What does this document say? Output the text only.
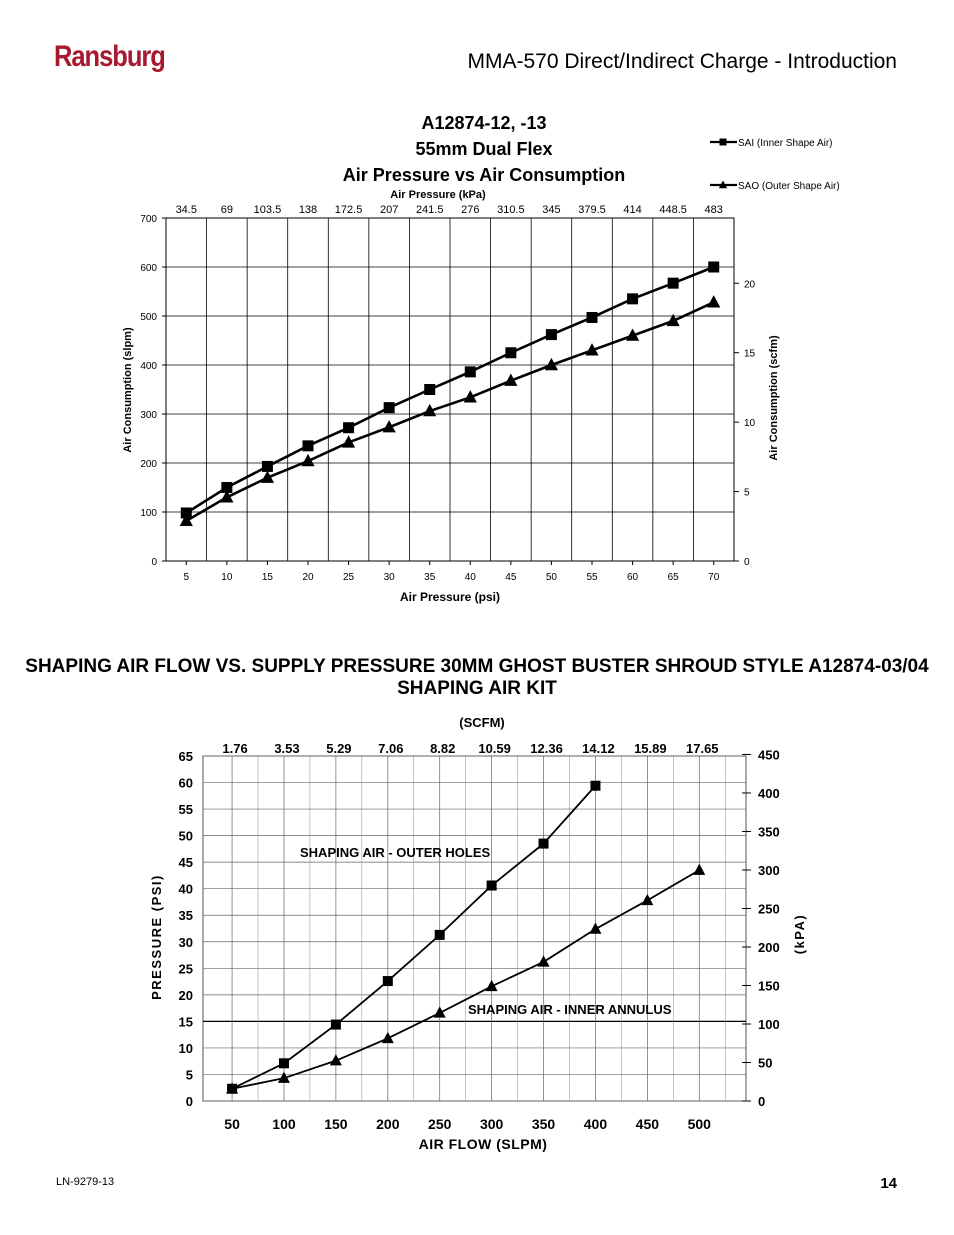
Ransburg	MMA-570 Direct/Indirect Charge - Introduction
0
100
200
300
400
500
600
700
0
5
10
15
20
5	10	15	20	25	30	35	40	45	50	55	60	65	70
34.5 69 103.5 138 172.5 207 241.5 276 310.5 345 379.5 414 448.5 483
A12874-12, -13
55mm Dual Flex
Air Pressure vs Air Consumption
Air Pressure (kPa)
Air Pressure (psi)
Air Consumption (slpm)	Air Consumption (scfm)
SAI (Inner Shape Air)
SAO (Outer Shape Air)
SHAPING AIR FLOW VS. SUPPLY PRESSURE 30MM GHOST BUSTER SHROUD STYLE A12874-03/04 SHAPING AIR KIT
0
5
10
15
20
25
30
35
40
45
50
55
60
65
50 100 150 200 250 300 350 400 450 500
1.76 3.53 5.29 7.06 8.82 10.59 12.36 14.12 15.89 17.65
0
50
100
150
200
250
300
350
400
450
(SCFM)
AIR FLOW (SLPM)
PRESSURE (PSI)	(kPA)
SHAPING AIR - OUTER HOLES
SHAPING AIR - INNER ANNULUS
LN-9279-13	14
